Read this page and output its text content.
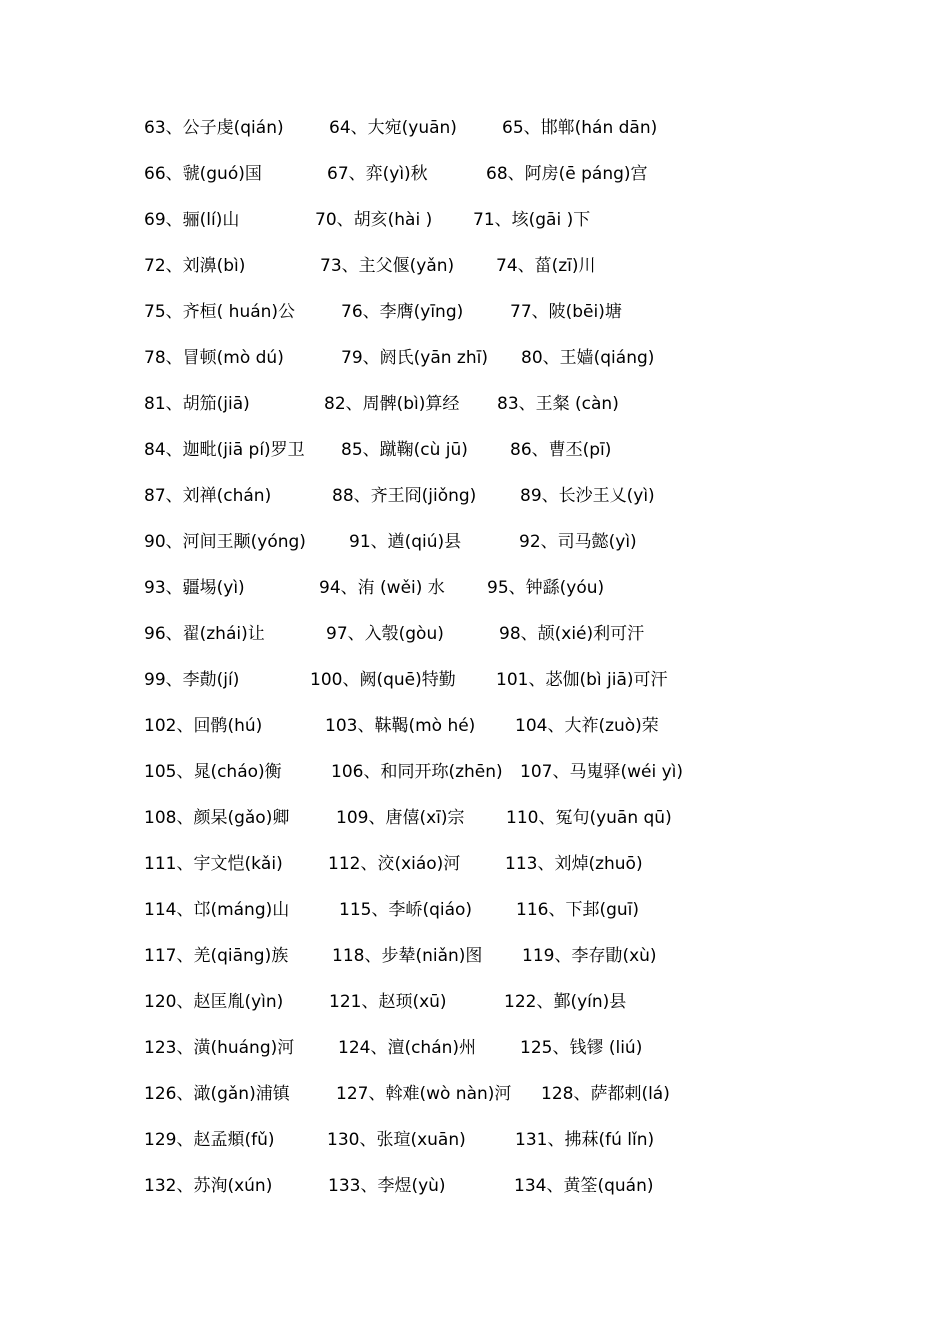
63、公子虔(qián)	64、大宛(yuān)	65、邯郸(hán dān)
66、虢(guó)国	67、弈(yì)秋	68、阿房(ē páng)宫
69、骊(lí)山	70、胡亥(hài ) 71、垓(gāi )下
72、刘濞(bì)	73、主父偃(yǎn) 74、菑(zī)川
75、齐桓( huán)公	76、李膺(yīng)	77、陂(bēi)塘
78、冒顿(mò dú)	79、阏氏(yān zhī) 80、王嫱(qiáng)
81、胡笳(jiā)	82、周髀(bì)算经 83、王粲 (càn)
84、迦毗(jiā pí)罗卫 85、蹴鞠(cù jū) 86、曹丕(pī)
87、刘禅(chán)	88、齐王冏(jiǒng)	89、长沙王乂(yì)
90、河间王颙(yóng)	91、遒(qiú)县	92、司马懿(yì)
93、疆埸(yì)	94、洧 (wěi) 水 95、钟繇(yóu)
96、翟(zhái)让	97、入彀(gòu)	98、颉(xié)利可汗
99、李勣(jí)	100、阙(quē)特勤 101、苾伽(bì jiā)可汗
102、回鹘(hú)	103、靺鞨(mò hé) 104、大祚(zuò)荣
105、晁(cháo)衡	106、和同开珎(zhēn) 107、马嵬驿(wéi yì)
108、颜杲(gǎo)卿	109、唐僖(xī)宗 110、冤句(yuān qū)
111、宇文恺(kǎi)	112、洨(xiáo)河	113、刘焯(zhuō)
114、邙(máng)山	115、李峤(qiáo)	116、下邽(guī)
117、羌(qiāng)族	118、步辇(niǎn)图 119、李存勖(xù)
120、赵匡胤(yìn)	121、赵顼(xū)	122、鄞(yín)县
123、潢(huáng)河	124、澶(chán)州	125、钱镠 (liú)
126、澉(gǎn)浦镇	127、斡难(wò nàn)河 128、萨都剌(lá)
129、赵孟頫(fǔ)	130、张瑄(xuān)	131、拂菻(fú lǐn)
132、苏洵(xún)	133、李煜(yù)	134、黄筌(quán)
